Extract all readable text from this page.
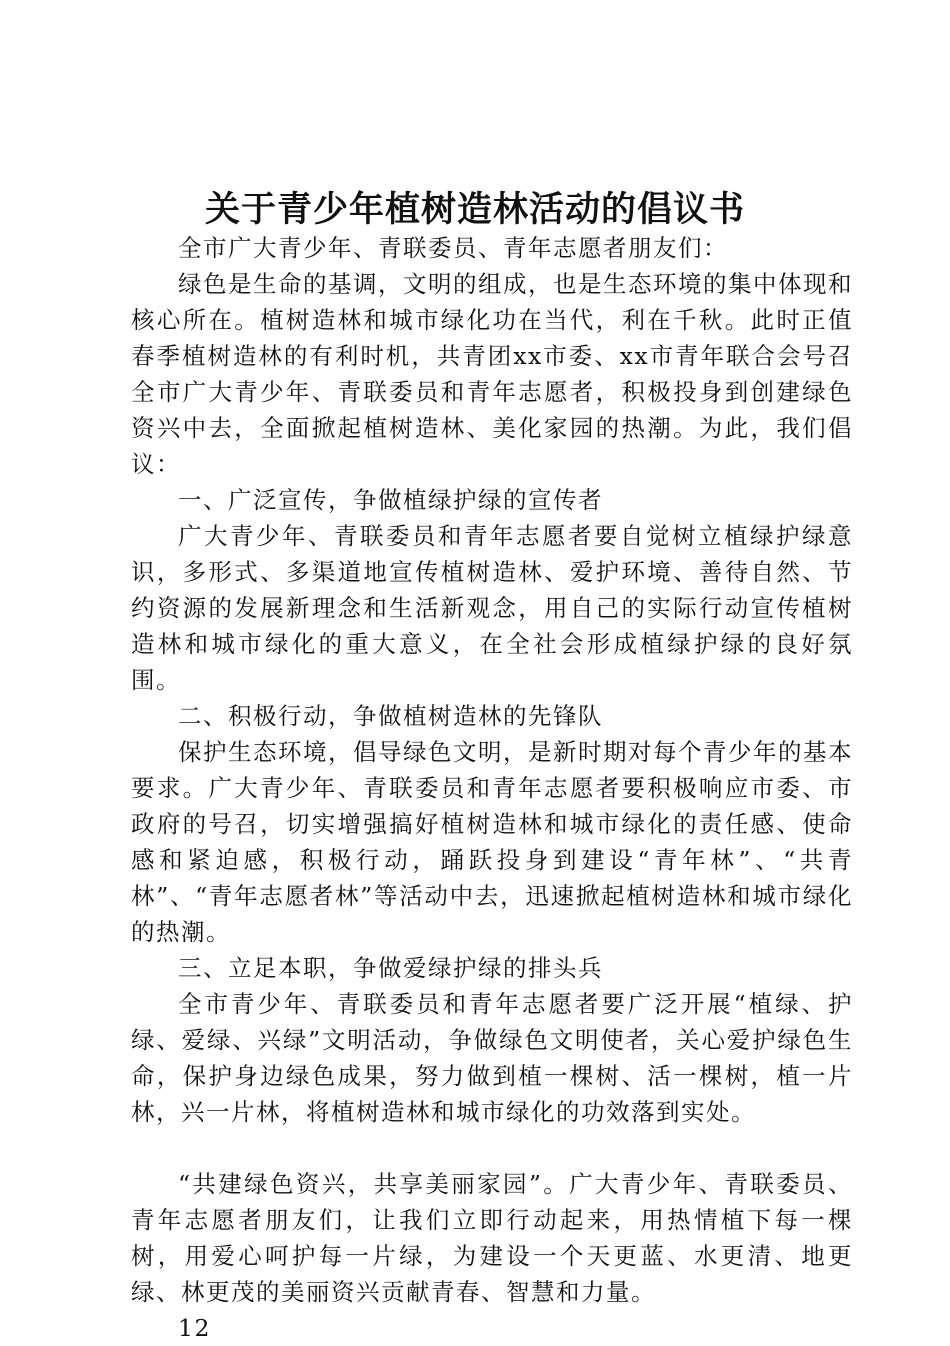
关于青少年植树造林活动的倡议书

全市广大青少年、青联委员、青年志愿者朋友们：

绿色是生命的基调，文明的组成，也是生态环境的集中体现和核心所在。植树造林和城市绿化功在当代，利在千秋。此时正值春季植树造林的有利时机，共青团xx市委、xx市青年联合会号召全市广大青少年、青联委员和青年志愿者，积极投身到创建绿色资兴中去，全面掀起植树造林、美化家园的热潮。为此，我们倡议：

一、广泛宣传，争做植绿护绿的宣传者

广大青少年、青联委员和青年志愿者要自觉树立植绿护绿意识，多形式、多渠道地宣传植树造林、爱护环境、善待自然、节约资源的发展新理念和生活新观念，用自己的实际行动宣传植树造林和城市绿化的重大意义，在全社会形成植绿护绿的良好氛围。

二、积极行动，争做植树造林的先锋队

保护生态环境，倡导绿色文明，是新时期对每个青少年的基本要求。广大青少年、青联委员和青年志愿者要积极响应市委、市政府的号召，切实增强搞好植树造林和城市绿化的责任感、使命感和紧迫感，积极行动，踊跃投身到建设“青年林”、“共青林”、“青年志愿者林”等活动中去，迅速掀起植树造林和城市绿化的热潮。

三、立足本职，争做爱绿护绿的排头兵

全市青少年、青联委员和青年志愿者要广泛开展“植绿、护绿、爱绿、兴绿”文明活动，争做绿色文明使者，关心爱护绿色生命，保护身边绿色成果，努力做到植一棵树、活一棵树，植一片林，兴一片林，将植树造林和城市绿化的功效落到实处。

“共建绿色资兴，共享美丽家园”。广大青少年、青联委员、青年志愿者朋友们，让我们立即行动起来，用热情植下每一棵树，用爱心呵护每一片绿，为建设一个天更蓝、水更清、地更绿、林更茂的美丽资兴贡献青春、智慧和力量。

12
